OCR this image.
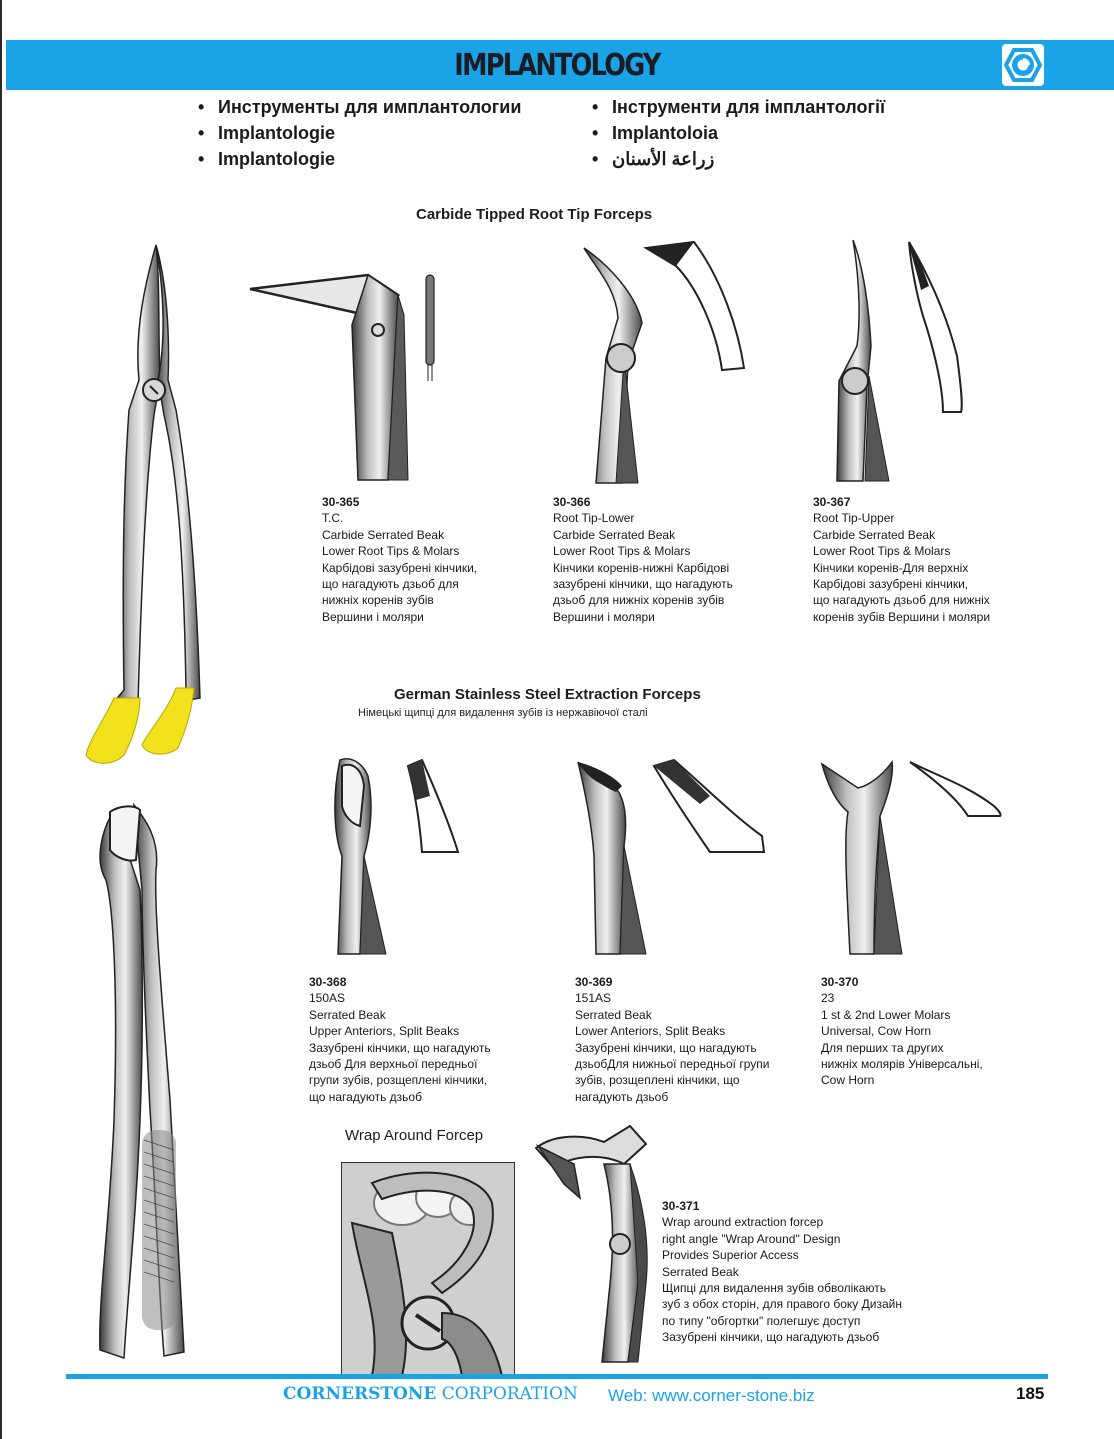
IMPLANTOLOGY
• Инструменты для имплантологии
• Implantologie
• Implantologie
• Інструменти для імплантології
• Implantoloia
• زراعة الأسنان
Carbide Tipped Root Tip Forceps
German Stainless Steel Extraction Forceps
Німецькі щипці для видалення зубів із нержавіючої сталі
Wrap Around Forcep
30-365
T.C.
Carbide Serrated Beak
Lower Root Tips & Molars
Карбідові зазубрені кінчики,
що нагадують дзьоб для
нижніх коренів зубів
Вершини і моляри
30-366
Root Tip-Lower
Carbide Serrated Beak
Lower Root Tips & Molars
Кінчики коренів-нижні Карбідові
зазубрені кінчики, що нагадують
дзьоб для нижніх коренів зубів
Вершини і моляри
30-367
Root Tip-Upper
Carbide Serrated Beak
Lower Root Tips & Molars
Кінчики коренів-Для верхніх
Карбідові зазубрені кінчики,
що нагадують дзьоб для нижніх
коренів зубів Вершини і моляри
30-368
150AS
Serrated Beak
Upper Anteriors, Split Beaks
Зазубрені кінчики, що нагадують
дзьоб Для верхньої передньої
групи зубів, розщеплені кінчики,
що нагадують дзьоб
30-369
151AS
Serrated Beak
Lower Anteriors, Split Beaks
Зазубрені кінчики, що нагадують
дзьобДля нижньої передньої групи
зубів, розщеплені кінчики, що
нагадують дзьоб
30-370
23
1 st & 2nd Lower Molars
Universal, Cow Horn
Для перших та других
нижніх молярів Універсальні,
Cow Horn
30-371
Wrap around extraction forcep
right angle "Wrap Around" Design
Provides Superior Access
Serrated Beak
Щипці для видалення зубів обволікають
зуб з обох сторін, для правого боку Дизайн
по типу "обгортки" полегшує доступ
Зазубрені кінчики, що нагадують дзьоб
CORNERSTONE CORPORATION Web: www.corner-stone.biz	185
